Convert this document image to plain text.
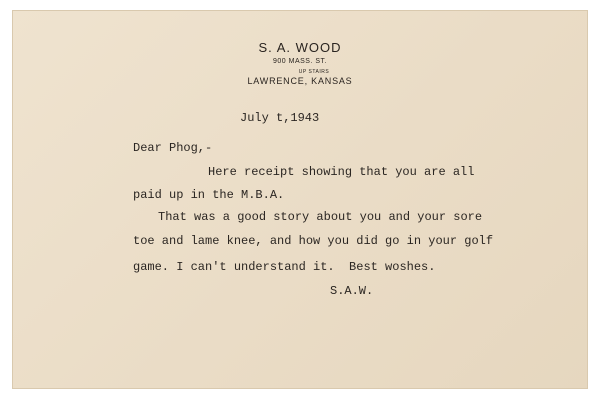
S. A. WOOD
900 MASS. ST.
UP STAIRS
LAWRENCE, KANSAS
July t,1943
Dear Phog,-
Here receipt showing that you are all
paid up in the M.B.A.
That was a good story about you and your sore
toe and lame knee, and how you did go in your golf
game. I can't understand it.  Best woshes.
S.A.W.
